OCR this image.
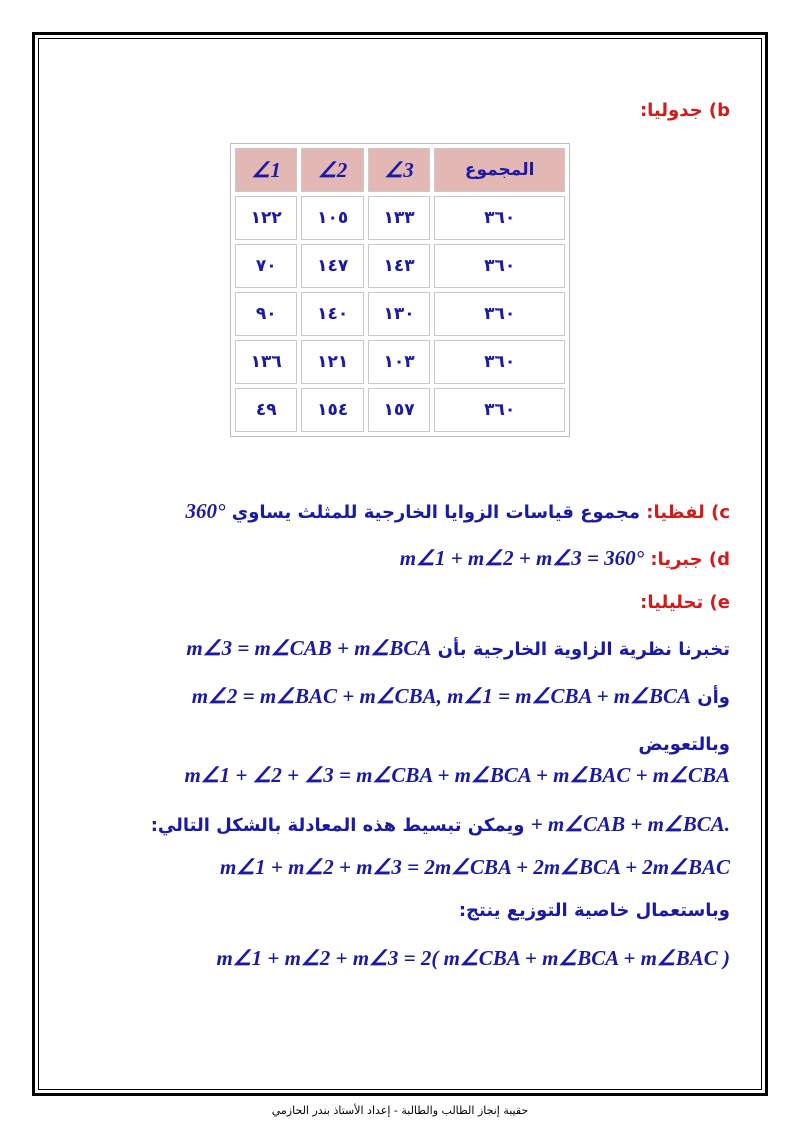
b) جدوليا:
∠1	∠2	∠3	المجموع
١٢٢	١٠٥	١٣٣	٣٦٠
٧٠	١٤٧	١٤٣	٣٦٠
٩٠	١٤٠	١٣٠	٣٦٠
١٣٦	١٢١	١٠٣	٣٦٠
٤٩	١٥٤	١٥٧	٣٦٠
c) لفظيا: مجموع قياسات الزوايا الخارجية للمثلث يساوي 360°
d) جبريا: m∠1 + m∠2 + m∠3 = 360°
e) تحليليا:
تخبرنا نظرية الزاوية الخارجية بأن m∠3 = m∠CAB + m∠BCA
وأن m∠2 = m∠BAC + m∠CBA, m∠1 = m∠CBA + m∠BCA
وبالتعويض
m∠1 + ∠2 + ∠3 = m∠CBA + m∠BCA + m∠BAC + m∠CBA
+ m∠CAB + m∠BCA. ويمكن تبسيط هذه المعادلة بالشكل التالي:
m∠1 + m∠2 + m∠3 = 2m∠CBA + 2m∠BCA + 2m∠BAC
وباستعمال خاصية التوزيع ينتج:
m∠1 + m∠2 + m∠3 = 2( m∠CBA + m∠BCA + m∠BAC )
حقيبة إنجاز الطالب والطالبة - إعداد الأستاذ بندر الحازمي
